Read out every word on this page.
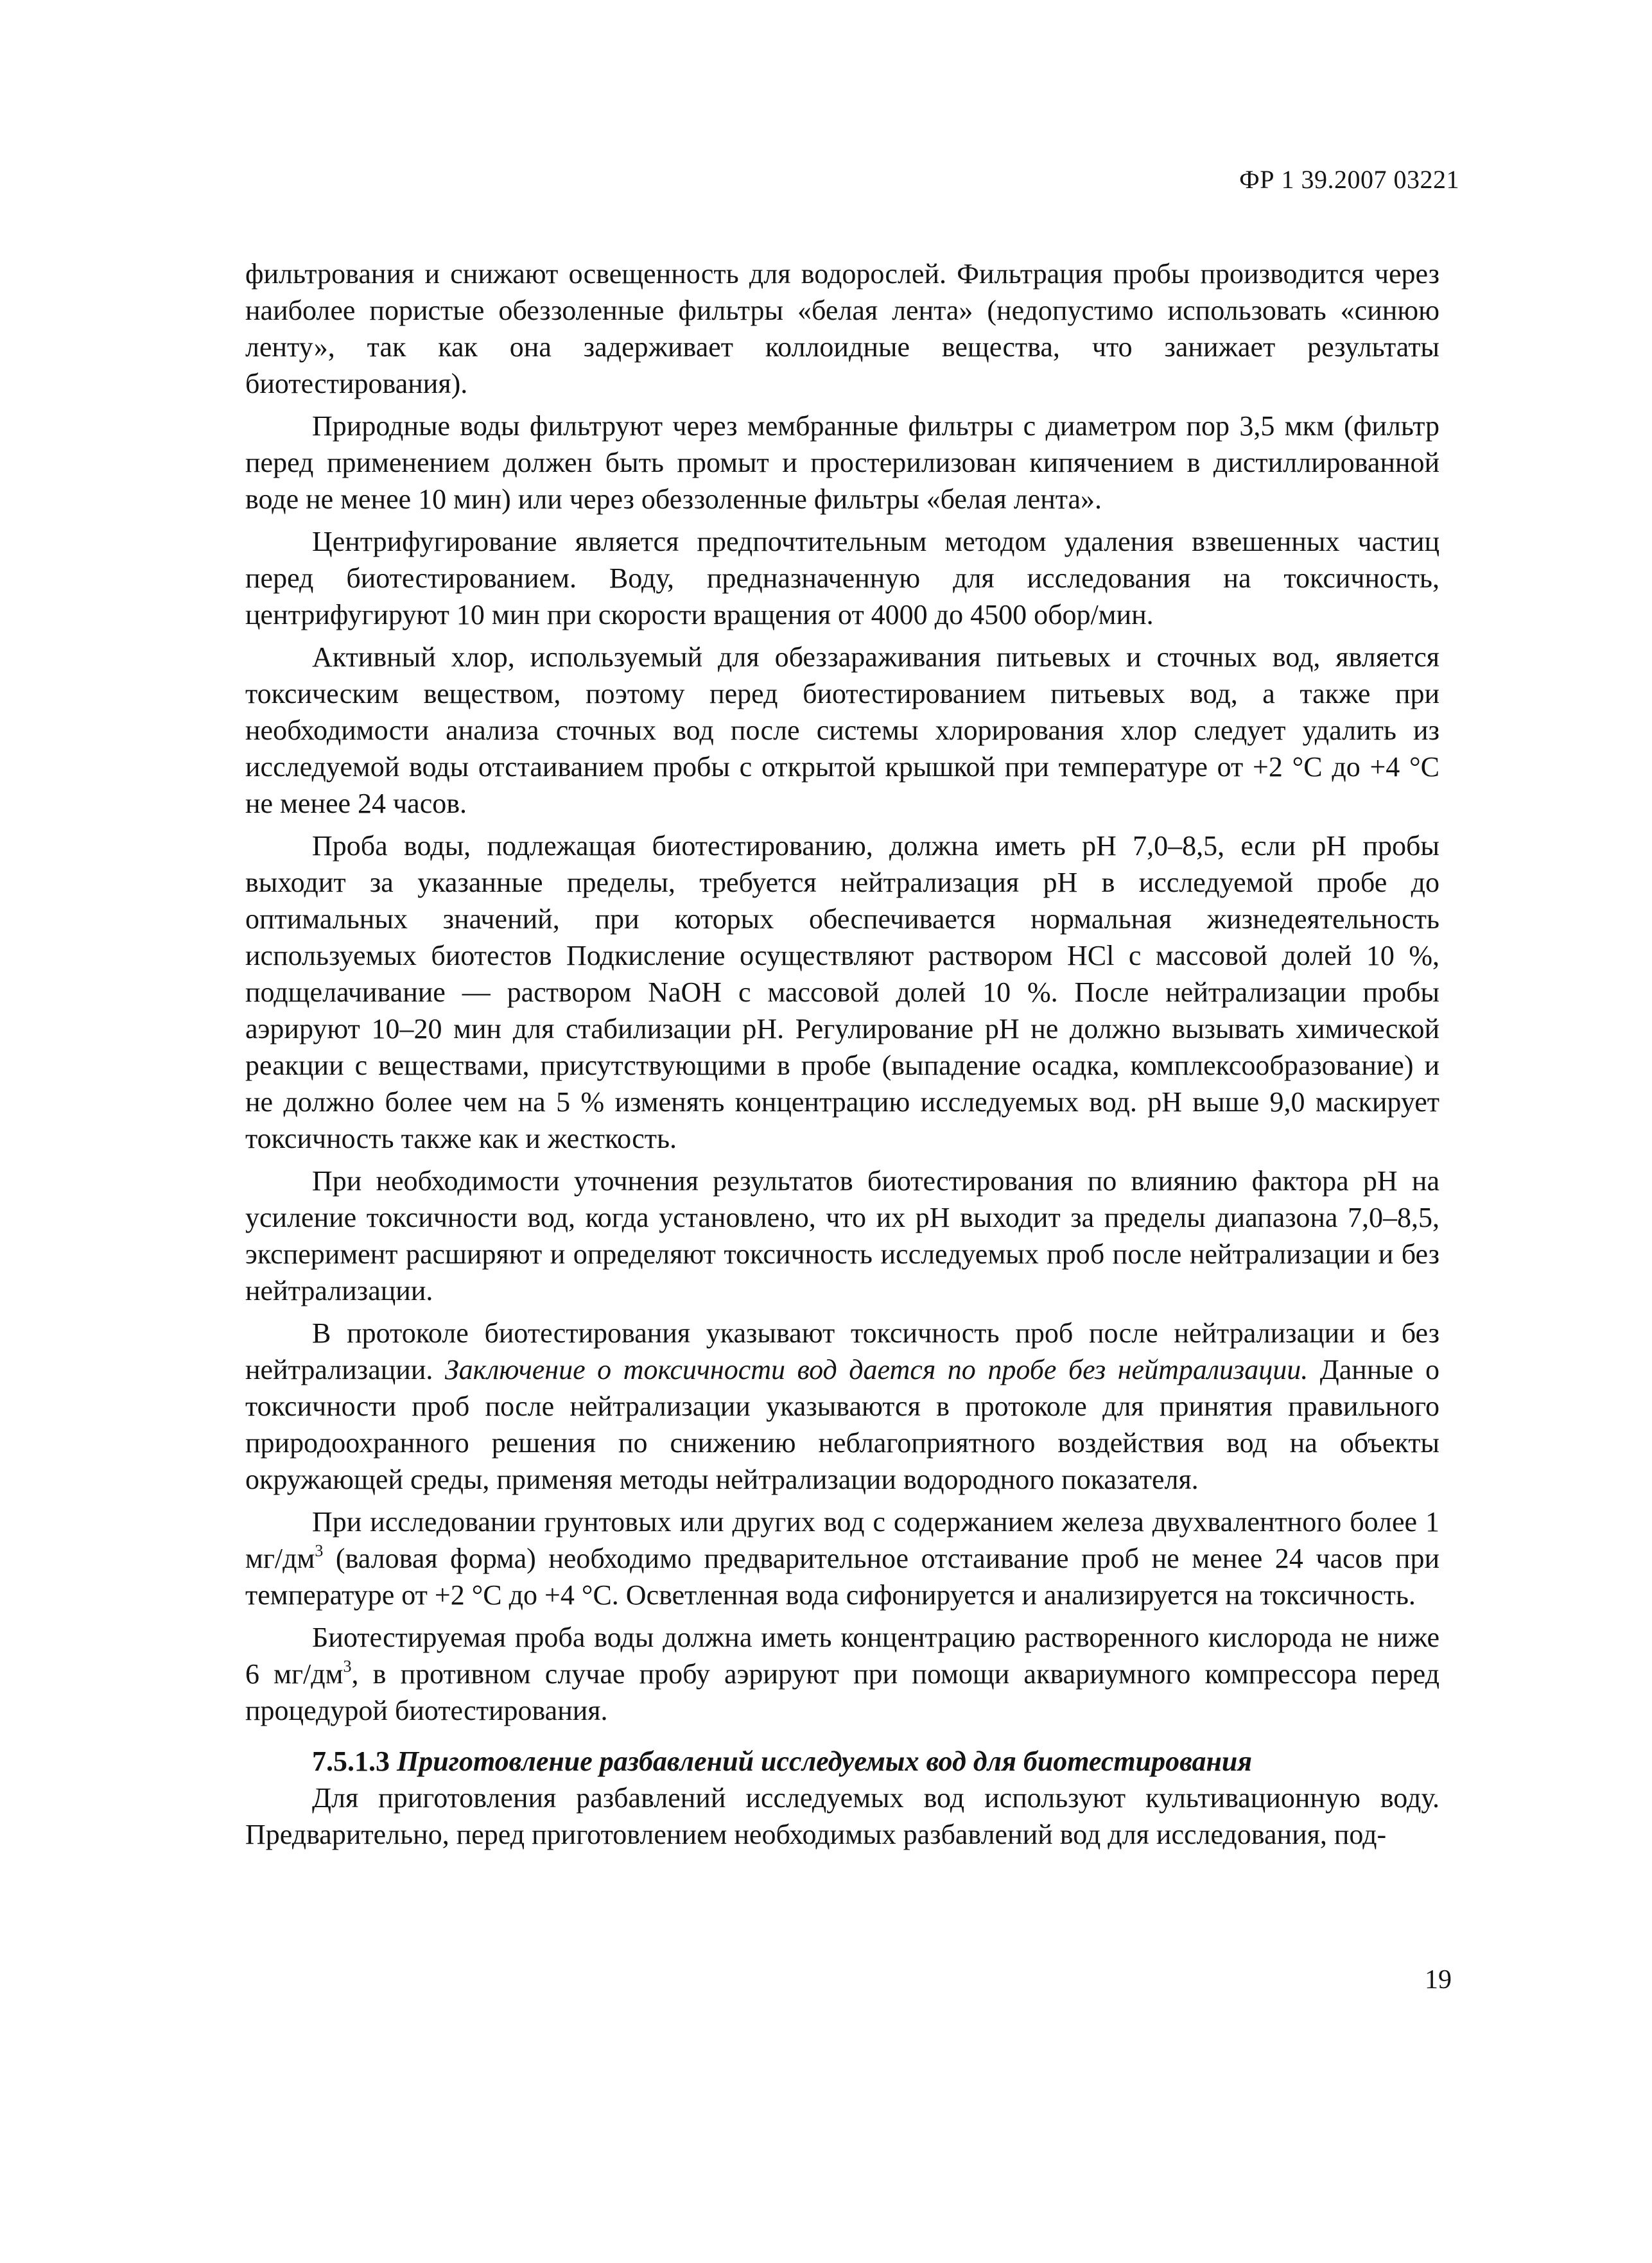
ФР 1 39.2007 03221

фильтрования и снижают освещенность для водорослей. Фильтрация пробы производится через наиболее пористые обеззоленные фильтры «белая лента» (недопустимо использовать «синюю ленту», так как она задерживает коллоидные вещества, что занижает результаты биотестирования).

Природные воды фильтруют через мембранные фильтры с диаметром пор 3,5 мкм (фильтр перед применением должен быть промыт и простерилизован кипячением в дистиллированной воде не менее 10 мин) или через обеззоленные фильтры «белая лента».

Центрифугирование является предпочтительным методом удаления взвешенных частиц перед биотестированием. Воду, предназначенную для исследования на токсичность, центрифугируют 10 мин при скорости вращения от 4000 до 4500 обор/мин.

Активный хлор, используемый для обеззараживания питьевых и сточных вод, является токсическим веществом, поэтому перед биотестированием питьевых вод, а также при необходимости анализа сточных вод после системы хлорирования хлор следует удалить из исследуемой воды отстаиванием пробы с открытой крышкой при температуре от +2 °С до +4 °С не менее 24 часов.

Проба воды, подлежащая биотестированию, должна иметь рН 7,0–8,5, если рН пробы выходит за указанные пределы, требуется нейтрализация рН в исследуемой пробе до оптимальных значений, при которых обеспечивается нормальная жизнедеятельность используемых биотестов Подкисление осуществляют раствором HCl с массовой долей 10 %, подщелачивание — раствором NaOH с массовой долей 10 %. После нейтрализации пробы аэрируют 10–20 мин для стабилизации рН. Регулирование рН не должно вызывать химической реакции с веществами, присутствующими в пробе (выпадение осадка, комплексообразование) и не должно более чем на 5 % изменять концентрацию исследуемых вод. рН выше 9,0 маскирует токсичность также как и жесткость.

При необходимости уточнения результатов биотестирования по влиянию фактора рН на усиление токсичности вод, когда установлено, что их рН выходит за пределы диапазона 7,0–8,5, эксперимент расширяют и определяют токсичность исследуемых проб после нейтрализации и без нейтрализации.

В протоколе биотестирования указывают токсичность проб после нейтрализации и без нейтрализации. Заключение о токсичности вод дается по пробе без нейтрализации. Данные о токсичности проб после нейтрализации указываются в протоколе для принятия правильного природоохранного решения по снижению неблагоприятного воздействия вод на объекты окружающей среды, применяя методы нейтрализации водородного показателя.

При исследовании грунтовых или других вод с содержанием железа двухвалентного более 1 $мг/дм^3$ (валовая форма) необходимо предварительное отстаивание проб не менее 24 часов при температуре от +2 °С до +4 °С. Осветленная вода сифонируется и анализируется на токсичность.

Биотестируемая проба воды должна иметь концентрацию растворенного кислорода не ниже 6 $мг/дм^3$, в противном случае пробу аэрируют при помощи аквариумного компрессора перед процедурой биотестирования.

7.5.1.3 Приготовление разбавлений исследуемых вод для биотестирования

Для приготовления разбавлений исследуемых вод используют культивационную воду. Предварительно, перед приготовлением необходимых разбавлений вод для исследования, под-

19
